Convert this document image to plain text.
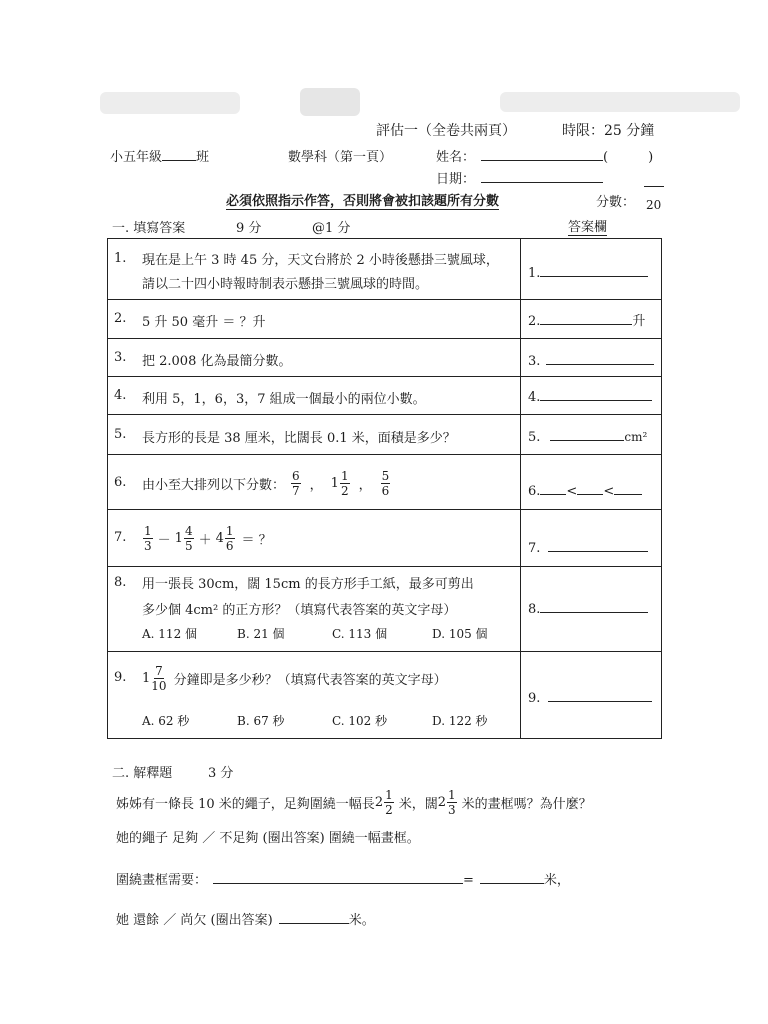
評估一（全卷共兩頁）	時限：25 分鐘
小五年級	班	數學科（第一頁）	姓名：	(	)
日期：
必須依照指示作答，否則將會被扣該題所有分數	分數： 20
一. 填寫答案	9 分	@1 分	答案欄
1. 現在是上午 3 時 45 分，天文台將於 2 小時後懸掛三號風球，
請以二十四小時報時制表示懸掛三號風球的時間。
1.
2. 5 升 50 毫升 ＝ ？升	2.	升
3. 把 2.008 化為最簡分數。	3.
4. 利用 5，1，6，3，7 組成一個最小的兩位小數。	4.
5. 長方形的長是 38 厘米，比闊長 0.1 米，面積是多少？	5.	cm²
6. 由小至大排列以下分數： $\frac{6}{7}$ ， $1 \frac{1}{2}$ ， $\frac{5}{6}$	6. < <
7. $\frac{1}{3} - 1 \frac{4}{5} + 4 \frac{1}{6}$ ＝ ？
7.
8. 用一張長 30cm，闊 15cm 的長方形手工紙，最多可剪出
多少個 4cm² 的正方形？（填寫代表答案的英文字母）
A. 112 個	B. 21 個	C. 113 個	D. 105 個
8.
9. $1 \frac{7}{10}$ 分鐘即是多少秒？（填寫代表答案的英文字母）
A. 62 秒	B. 67 秒	C. 102 秒	D. 122 秒
9.
二. 解釋題	3 分
姊姊有一條長 10 米的繩子，足夠圍繞一幅長 $2 \frac{1}{2}$ 米，闊 $2 \frac{1}{3}$ 米的畫框嗎？為什麼？
她的繩子 足夠 ／ 不足夠 (圈出答案) 圍繞一幅畫框。
圍繞畫框需要：	=	米，
她 還餘 ／ 尚欠 (圈出答案)	米。
